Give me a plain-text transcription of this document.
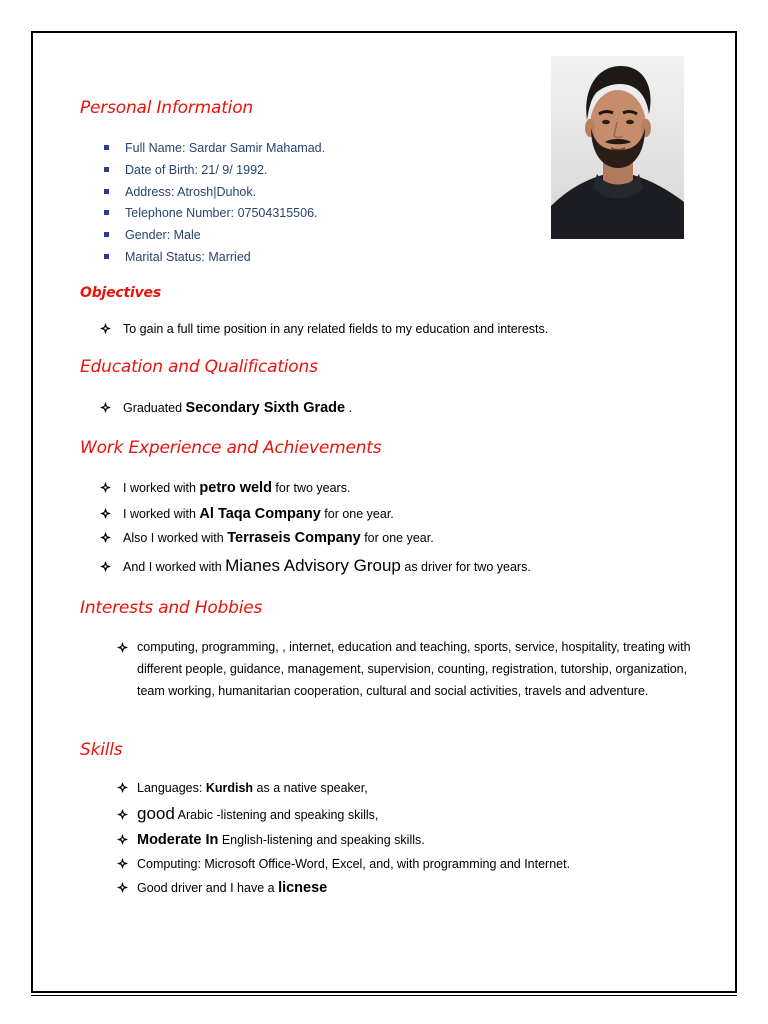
Personal Information
Full Name: Sardar Samir Mahamad.
Date of Birth: 21/ 9/ 1992.
Address: Atrosh|Duhok.
Telephone Number: 07504315506.
Gender: Male
Marital Status: Married
Objectives
To gain a full time position in any related fields to my education and interests.
Education and Qualifications
Graduated Secondary Sixth Grade .
Work Experience and Achievements
I worked with petro weld for two years.
I worked with Al Taqa Company for one year.
Also I worked with Terraseis Company for one year.
And I worked with Mianes Advisory Group as driver for two years.
Interests and Hobbies
computing, programming, , internet, education and teaching, sports, service, hospitality, treating with different people, guidance, management, supervision, counting, registration, tutorship, organization, team working, humanitarian cooperation, cultural and social activities, travels and adventure.
Skills
Languages: Kurdish as a native speaker,
good Arabic -listening and speaking skills,
Moderate In English-listening and speaking skills.
Computing: Microsoft Office-Word, Excel, and, with programming and Internet.
Good driver and I have a licnese
